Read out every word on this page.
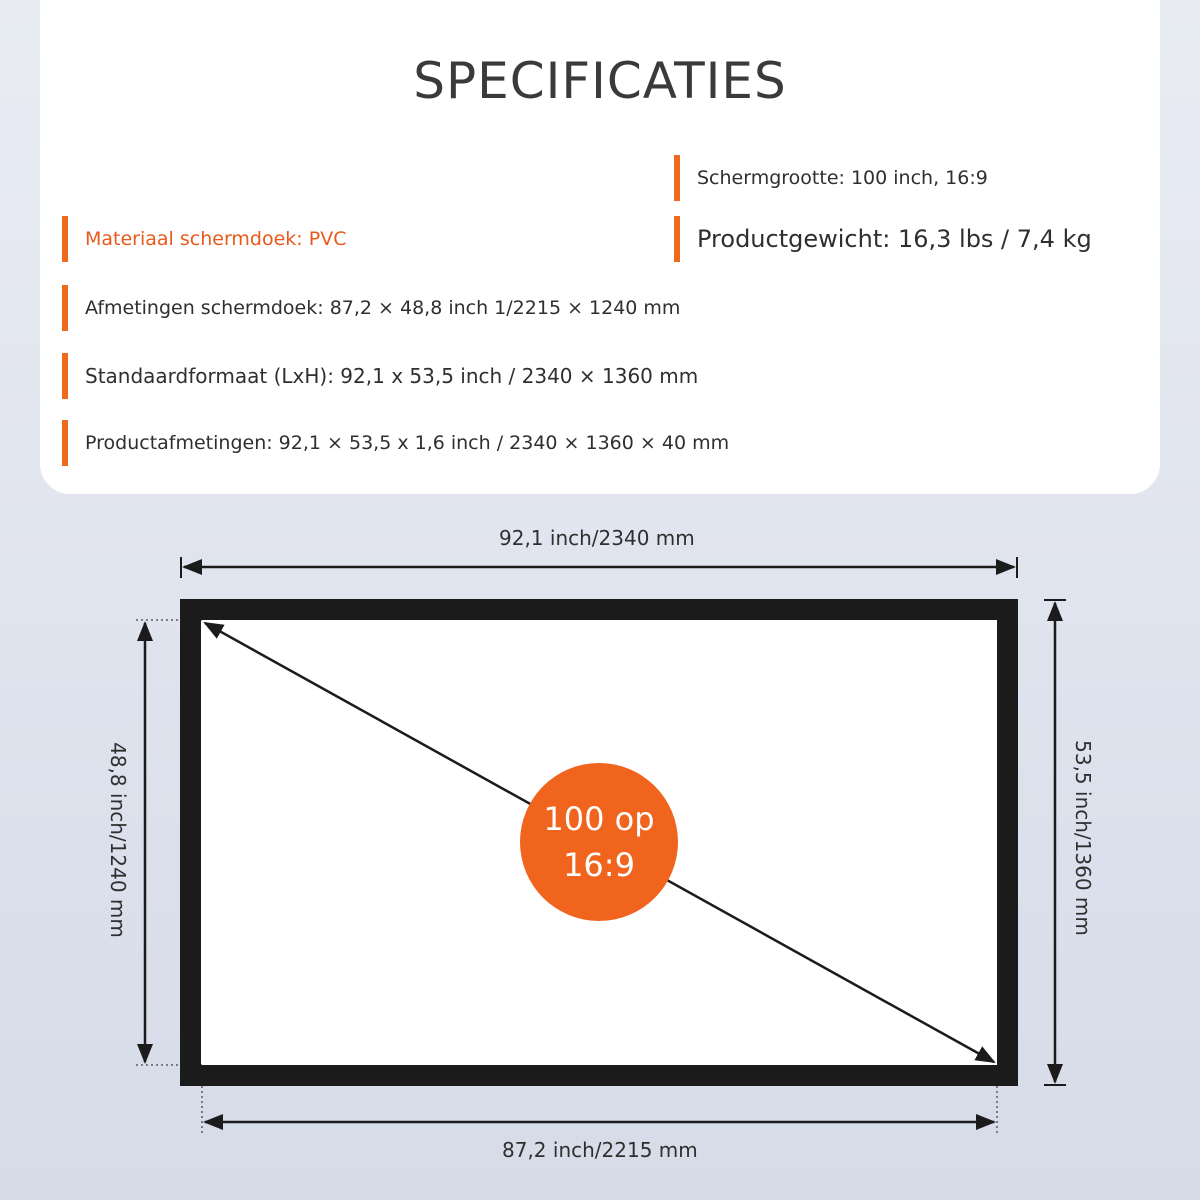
SPECIFICATIES
Schermgrootte: 100 inch, 16:9
Materiaal schermdoek: PVC	Productgewicht: 16,3 lbs / 7,4 kg
Afmetingen schermdoek: 87,2 × 48,8 inch 1/2215 × 1240 mm
Standaardformaat (LxH): 92,1 x 53,5 inch / 2340 × 1360 mm
Productafmetingen: 92,1 × 53,5 x 1,6 inch / 2340 × 1360 × 40 mm
92,1 inch/2340 mm
48,8 inch/1240 mm	53,5 inch/1360 mm
100 op
16:9
87,2 inch/2215 mm
